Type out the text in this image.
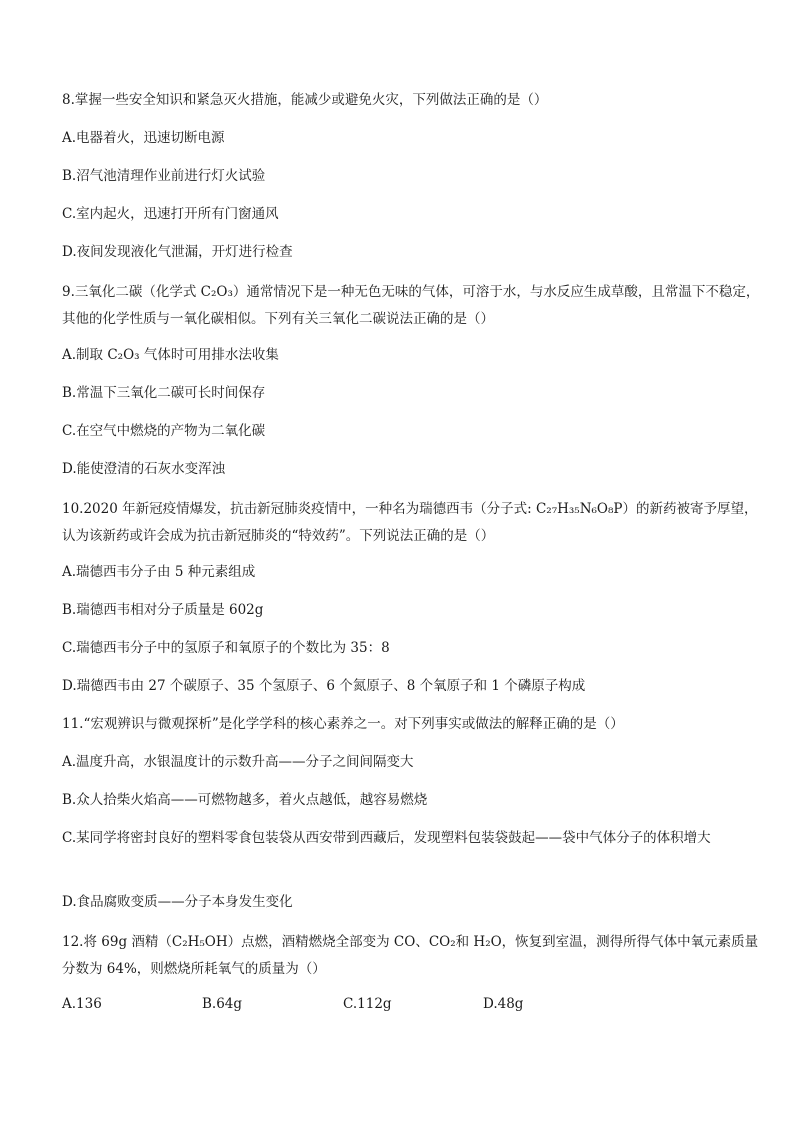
8.掌握一些安全知识和紧急灭火措施，能减少或避免火灾，下列做法正确的是（）
A.电器着火，迅速切断电源
B.沼气池清理作业前进行灯火试验
C.室内起火，迅速打开所有门窗通风
D.夜间发现液化气泄漏，开灯进行检查
9.三氧化二碳（化学式 C₂O₃）通常情况下是一种无色无味的气体，可溶于水，与水反应生成草酸，且常温下不稳定，其他的化学性质与一氧化碳相似。下列有关三氧化二碳说法正确的是（）
A.制取 C₂O₃ 气体时可用排水法收集
B.常温下三氧化二碳可长时间保存
C.在空气中燃烧的产物为二氧化碳
D.能使澄清的石灰水变浑浊
10.2020 年新冠疫情爆发，抗击新冠肺炎疫情中，一种名为瑞德西韦（分子式: C₂₇H₃₅N₆O₈P）的新药被寄予厚望，认为该新药或许会成为抗击新冠肺炎的“特效药”。下列说法正确的是（）
A.瑞德西韦分子由 5 种元素组成
B.瑞德西韦相对分子质量是 602g
C.瑞德西韦分子中的氢原子和氧原子的个数比为 35：8
D.瑞德西韦由 27 个碳原子、35 个氢原子、6 个氮原子、8 个氧原子和 1 个磷原子构成
11.“宏观辨识与微观探析”是化学学科的核心素养之一。对下列事实或做法的解释正确的是（）
A.温度升高，水银温度计的示数升高——分子之间间隔变大
B.众人拾柴火焰高——可燃物越多，着火点越低，越容易燃烧
C.某同学将密封良好的塑料零食包装袋从西安带到西藏后，发现塑料包装袋鼓起——袋中气体分子的体积增大
D.食品腐败变质——分子本身发生变化
12.将 69g 酒精（C₂H₅OH）点燃，酒精燃烧全部变为 CO、CO₂和 H₂O，恢复到室温，测得所得气体中氧元素质量分数为 64%，则燃烧所耗氧气的质量为（）
A.136	B.64g	C.112g	D.48g
